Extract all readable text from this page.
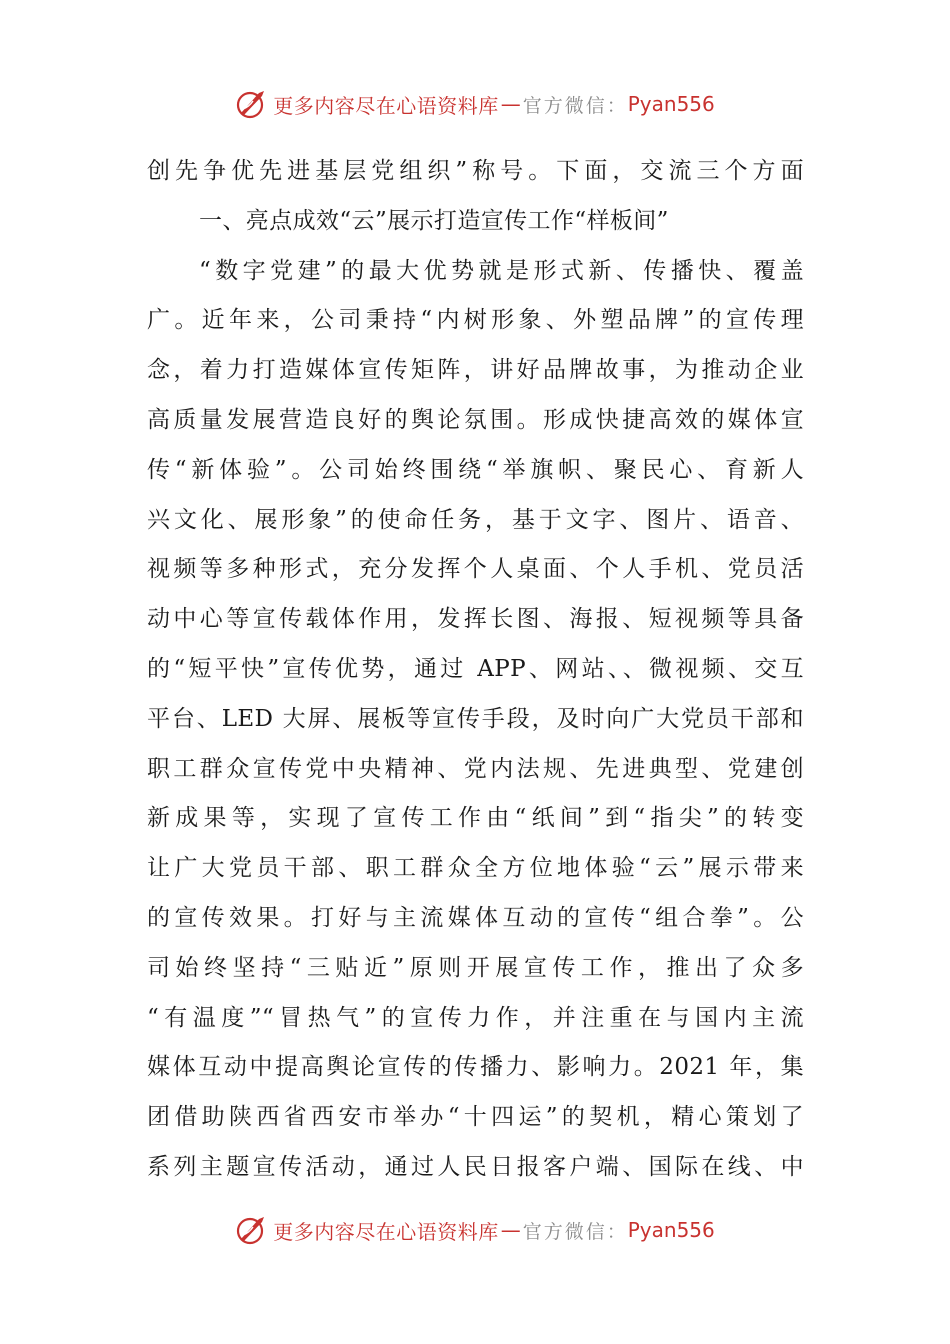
更多内容尽在心语资料库 — 官方微信： Pyan556
创先争优先进基层党组织”称号。下面，交流三个方面
一、亮点成效“云”展示打造宣传工作“样板间”
“数字党建”的最大优势就是形式新、传播快、覆盖
广。近年来，公司秉持“内树形象、外塑品牌”的宣传理
念，着力打造媒体宣传矩阵，讲好品牌故事，为推动企业
高质量发展营造良好的舆论氛围。形成快捷高效的媒体宣
传“新体验”。公司始终围绕“举旗帜、聚民心、育新人
兴文化、展形象”的使命任务，基于文字、图片、语音、
视频等多种形式，充分发挥个人桌面、个人手机、党员活
动中心等宣传载体作用，发挥长图、海报、短视频等具备
的“短平快”宣传优势，通过 APP、网站、、微视频、交互
平台、LED 大屏、展板等宣传手段，及时向广大党员干部和
职工群众宣传党中央精神、党内法规、先进典型、党建创
新成果等，实现了宣传工作由“纸间”到“指尖”的转变
让广大党员干部、职工群众全方位地体验“云”展示带来
的宣传效果。打好与主流媒体互动的宣传“组合拳”。公
司始终坚持“三贴近”原则开展宣传工作，推出了众多
“有温度”“冒热气”的宣传力作，并注重在与国内主流
媒体互动中提高舆论宣传的传播力、影响力。2021 年，集
团借助陕西省西安市举办“十四运”的契机，精心策划了
系列主题宣传活动，通过人民日报客户端、国际在线、中
更多内容尽在心语资料库 — 官方微信： Pyan556
